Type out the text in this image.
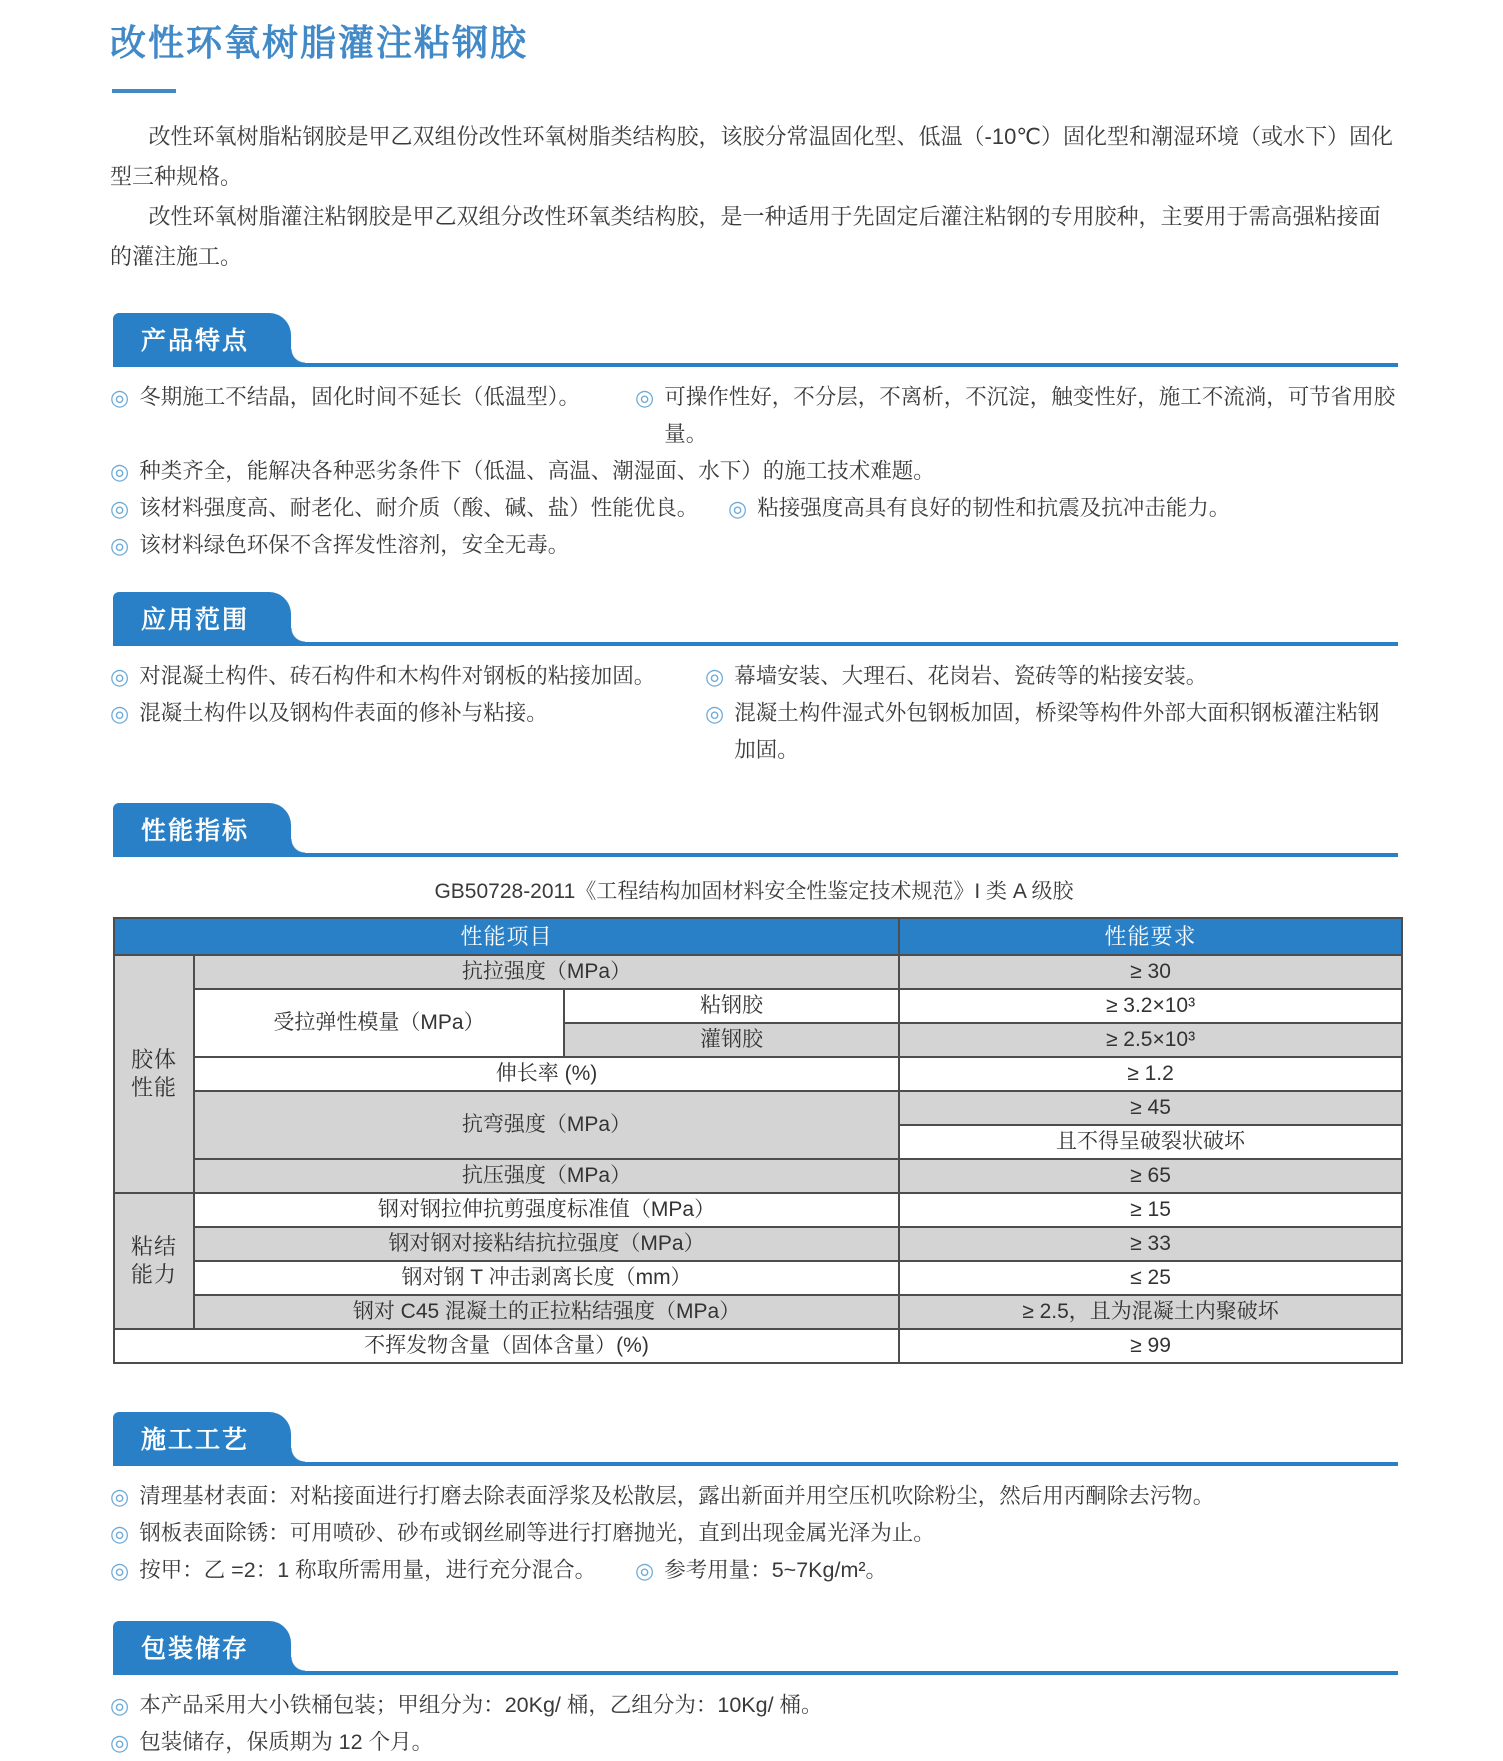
改性环氧树脂灌注粘钢胶

改性环氧树脂粘钢胶是甲乙双组份改性环氧树脂类结构胶，该胶分常温固化型、低温（-10℃）固化型和潮湿环境（或水下）固化型三种规格。

改性环氧树脂灌注粘钢胶是甲乙双组分改性环氧类结构胶，是一种适用于先固定后灌注粘钢的专用胶种，主要用于需高强粘接面的灌注施工。

产品特点
◎ 冬期施工不结晶，固化时间不延长（低温型）。	◎ 可操作性好，不分层，不离析，不沉淀，触变性好，施工不流淌，可节省用胶量。
◎ 种类齐全，能解决各种恶劣条件下（低温、高温、潮湿面、水下）的施工技术难题。
◎ 该材料强度高、耐老化、耐介质（酸、碱、盐）性能优良。 ◎ 粘接强度高具有良好的韧性和抗震及抗冲击能力。
◎ 该材料绿色环保不含挥发性溶剂，安全无毒。
应用范围
◎ 对混凝土构件、砖石构件和木构件对钢板的粘接加固。 ◎ 幕墙安装、大理石、花岗岩、瓷砖等的粘接安装。
◎ 混凝土构件以及钢构件表面的修补与粘接。	◎ 混凝土构件湿式外包钢板加固，桥梁等构件外部大面积钢板灌注粘钢加固。
性能指标
GB50728-2011《工程结构加固材料安全性鉴定技术规范》I 类 A 级胶
性能项目			性能要求
胶体性能	抗拉强度（MPa）		≥ 30
	受拉弹性模量（MPa）	粘钢胶	≥ 3.2×10³
		灌钢胶	≥ 2.5×10³
	伸长率 (%)		≥ 1.2
	抗弯强度（MPa）		≥ 45
			且不得呈破裂状破坏
	抗压强度（MPa）		≥ 65
粘结能力	钢对钢拉伸抗剪强度标准值（MPa）		≥ 15
	钢对钢对接粘结抗拉强度（MPa）		≥ 33
	钢对钢 T 冲击剥离长度（mm）		≤ 25
	钢对 C45 混凝土的正拉粘结强度（MPa）		≥ 2.5，且为混凝土内聚破坏
不挥发物含量（固体含量）(%)			≥ 99
施工工艺
◎ 清理基材表面：对粘接面进行打磨去除表面浮浆及松散层，露出新面并用空压机吹除粉尘，然后用丙酮除去污物。
◎ 钢板表面除锈：可用喷砂、砂布或钢丝刷等进行打磨抛光，直到出现金属光泽为止。
◎ 按甲：乙 =2：1 称取所需用量，进行充分混合。 ◎ 参考用量：5~7Kg/m²。
包装储存
◎ 本产品采用大小铁桶包装；甲组分为：20Kg/ 桶，乙组分为：10Kg/ 桶。
◎ 包装储存，保质期为 12 个月。
